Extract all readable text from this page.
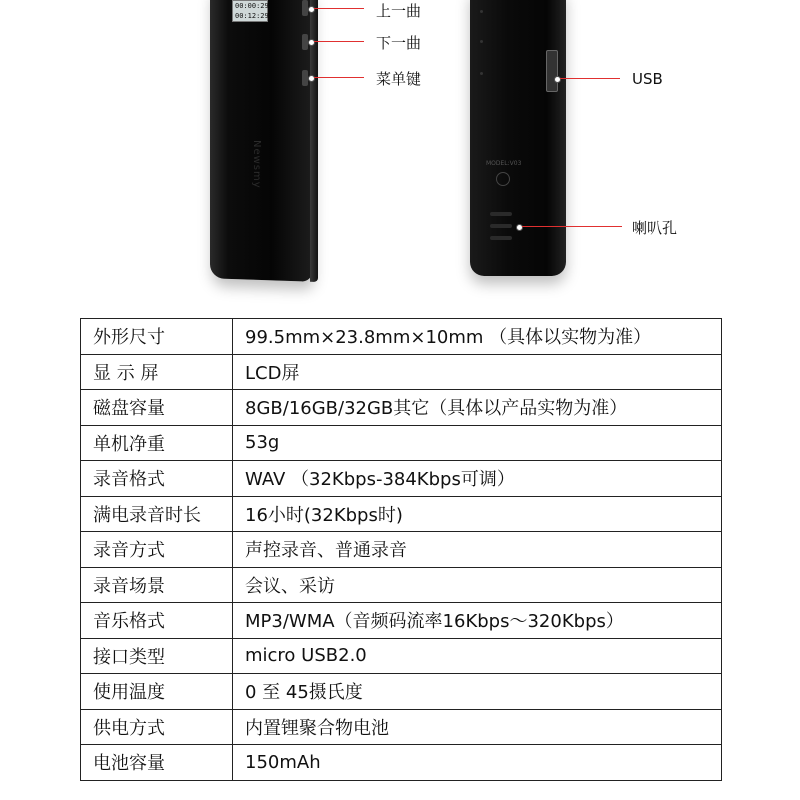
00:00:29
00:12:29
Newsmy	MODEL:V03
上一曲
下一曲
菜单键	USB
喇叭孔
外形尺寸	99.5mm×23.8mm×10mm （具体以实物为准）
显 示 屏	LCD屏
磁盘容量	8GB/16GB/32GB其它（具体以产品实物为准）
单机净重	53g
录音格式	WAV （32Kbps-384Kbps可调）
满电录音时长	16小时(32Kbps时)
录音方式	声控录音、普通录音
录音场景	会议、采访
音乐格式	MP3/WMA（音频码流率16Kbps～320Kbps）
接口类型	micro USB2.0
使用温度	0 至 45摄氏度
供电方式	内置锂聚合物电池
电池容量	150mAh
